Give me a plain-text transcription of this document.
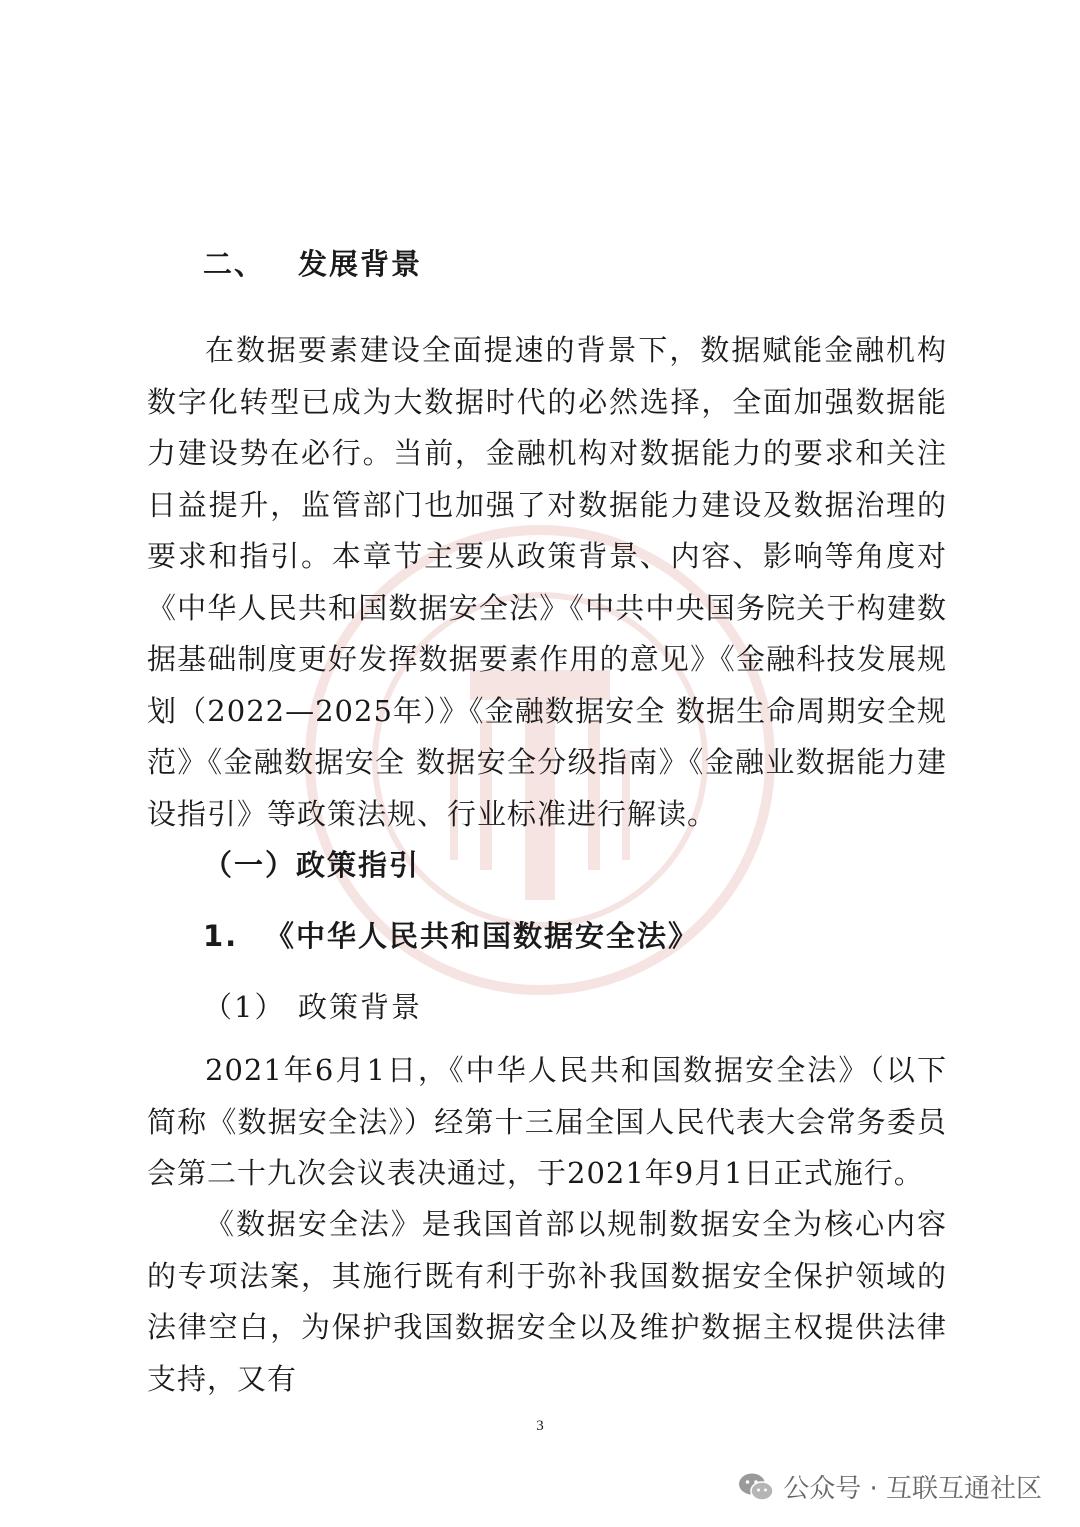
二、 发展背景

在数据要素建设全面提速的背景下，数据赋能金融机构数字化转型已成为大数据时代的必然选择，全面加强数据能力建设势在必行。当前，金融机构对数据能力的要求和关注日益提升，监管部门也加强了对数据能力建设及数据治理的要求和指引。本章节主要从政策背景、内容、影响等角度对《中华人民共和国数据安全法》《中共中央国务院关于构建数据基础制度更好发挥数据要素作用的意见》《金融科技发展规划（2022—2025年）》《金融数据安全 数据生命周期安全规范》《金融数据安全 数据安全分级指南》《金融业数据能力建设指引》等政策法规、行业标准进行解读。

（一）政策指引
1. 《中华人民共和国数据安全法》
（1） 政策背景

2021年6月1日，《中华人民共和国数据安全法》（以下简称《数据安全法》）经第十三届全国人民代表大会常务委员会第二十九次会议表决通过，于2021年9月1日正式施行。

《数据安全法》是我国首部以规制数据安全为核心内容的专项法案，其施行既有利于弥补我国数据安全保护领域的法律空白，为保护我国数据安全以及维护数据主权提供法律支持，又有

3
公众号 · 互联互通社区
